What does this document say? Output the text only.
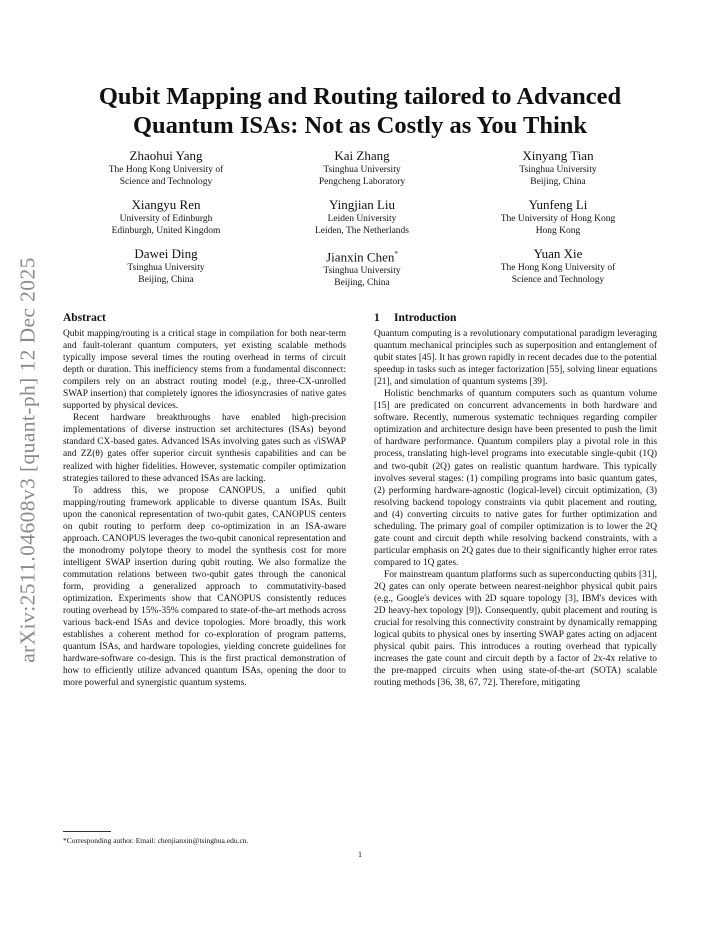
arXiv:2511.04608v3 [quant-ph] 12 Dec 2025
Qubit Mapping and Routing tailored to Advanced Quantum ISAs: Not as Costly as You Think
Zhaohui Yang
The Hong Kong University of
Science and Technology
Kai Zhang
Tsinghua University
Pengcheng Laboratory
Xinyang Tian
Tsinghua University
Beijing, China
Xiangyu Ren
University of Edinburgh
Edinburgh, United Kingdom
Yingjian Liu
Leiden University
Leiden, The Netherlands
Yunfeng Li
The University of Hong Kong
Hong Kong
Dawei Ding
Tsinghua University
Beijing, China
Jianxin Chen*
Tsinghua University
Beijing, China
Yuan Xie
The Hong Kong University of
Science and Technology
Abstract

Qubit mapping/routing is a critical stage in compilation for both near-term and fault-tolerant quantum computers, yet existing scalable methods typically impose several times the routing overhead in terms of circuit depth or duration. This inefficiency stems from a fundamental disconnect: compilers rely on an abstract routing model (e.g., three-CX-unrolled SWAP insertion) that completely ignores the idiosyncrasies of native gates supported by physical devices.

Recent hardware breakthroughs have enabled high-precision implementations of diverse instruction set architectures (ISAs) beyond standard CX-based gates. Advanced ISAs involving gates such as √iSWAP and ZZ(θ) gates offer superior circuit synthesis capabilities and can be realized with higher fidelities. However, systematic compiler optimization strategies tailored to these advanced ISAs are lacking.

To address this, we propose CANOPUS, a unified qubit mapping/routing framework applicable to diverse quantum ISAs. Built upon the canonical representation of two-qubit gates, CANOPUS centers on qubit routing to perform deep co-optimization in an ISA-aware approach. CANOPUS leverages the two-qubit canonical representation and the monodromy polytope theory to model the synthesis cost for more intelligent SWAP insertion during qubit routing. We also formalize the commutation relations between two-qubit gates through the canonical form, providing a generalized approach to commutativity-based optimization. Experiments show that CANOPUS consistently reduces routing overhead by 15%-35% compared to state-of-the-art methods across various back-end ISAs and device topologies. More broadly, this work establishes a coherent method for co-exploration of program patterns, quantum ISAs, and hardware topologies, yielding concrete guidelines for hardware-software co-design. This is the first practical demonstration of how to efficiently utilize advanced quantum ISAs, opening the door to more powerful and synergistic quantum systems.

1 Introduction

Quantum computing is a revolutionary computational paradigm leveraging quantum mechanical principles such as superposition and entanglement of qubit states [45]. It has grown rapidly in recent decades due to the potential speedup in tasks such as integer factorization [55], solving linear equations [21], and simulation of quantum systems [39].

Holistic benchmarks of quantum computers such as quantum volume [15] are predicated on concurrent advancements in both hardware and software. Recently, numerous systematic techniques regarding compiler optimization and architecture design have been presented to push the limit of hardware performance. Quantum compilers play a pivotal role in this process, translating high-level programs into executable single-qubit (1Q) and two-qubit (2Q) gates on realistic quantum hardware. This typically involves several stages: (1) compiling programs into basic quantum gates, (2) performing hardware-agnostic (logical-level) circuit optimization, (3) resolving backend topology constraints via qubit placement and routing, and (4) converting circuits to native gates for further optimization and scheduling. The primary goal of compiler optimization is to lower the 2Q gate count and circuit depth while resolving backend constraints, with a particular emphasis on 2Q gates due to their significantly higher error rates compared to 1Q gates.

For mainstream quantum platforms such as superconducting qubits [31], 2Q gates can only operate between nearest-neighbor physical qubit pairs (e.g., Google's devices with 2D square topology [3], IBM's devices with 2D heavy-hex topology [9]). Consequently, qubit placement and routing is crucial for resolving this connectivity constraint by dynamically remapping logical qubits to physical ones by inserting SWAP gates acting on adjacent physical qubit pairs. This introduces a routing overhead that typically increases the gate count and circuit depth by a factor of 2x-4x relative to the pre-mapped circuits when using state-of-the-art (SOTA) scalable routing methods [36, 38, 67, 72]. Therefore, mitigating

*Corresponding author. Email: chenjianxin@tsinghua.edu.cn.
1
